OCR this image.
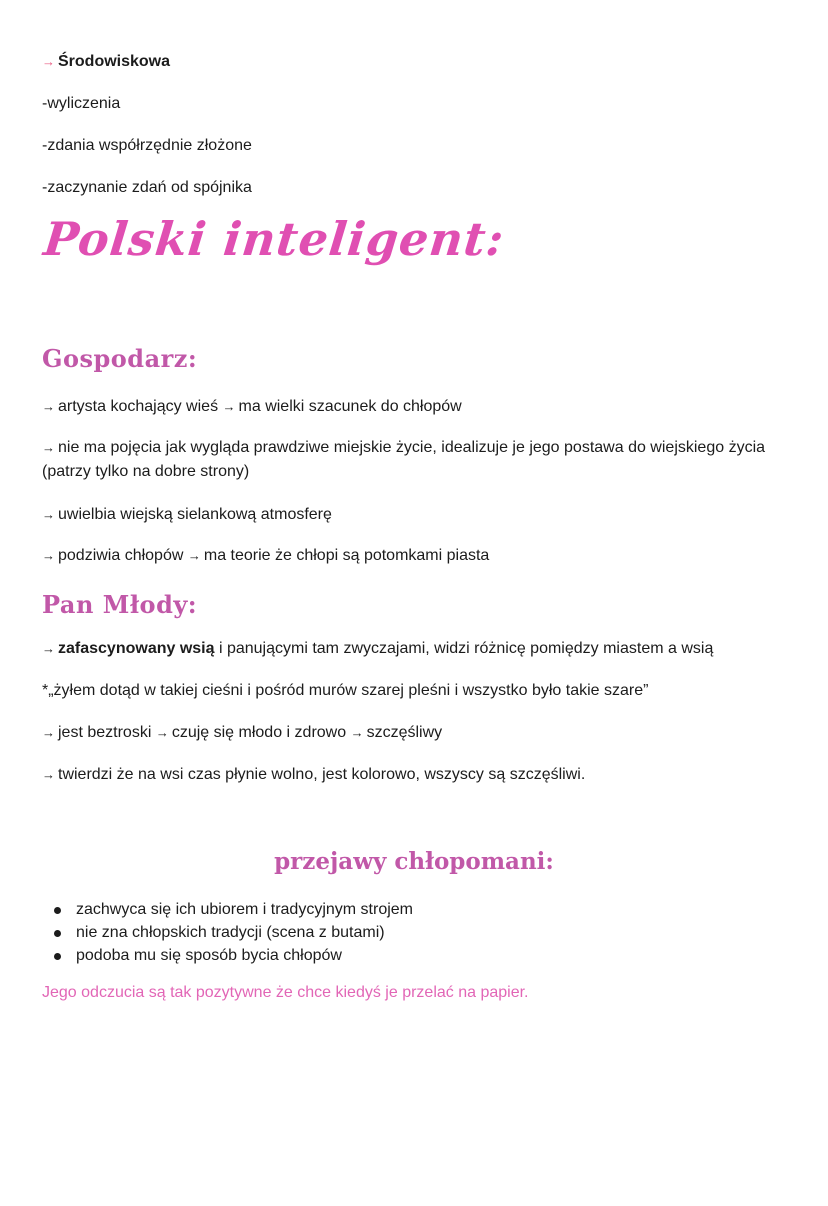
→ Środowiskowa
-wyliczenia
-zdania współrzędnie złożone
-zaczynanie zdań od spójnika
Polski inteligent:
Gospodarz:
→ artysta kochający wieś → ma wielki szacunek do chłopów
→ nie ma pojęcia jak wygląda prawdziwe miejskie życie, idealizuje je jego postawa do wiejskiego życia (patrzy tylko na dobre strony)
→ uwielbia wiejską sielankową atmosferę
→ podziwia chłopów → ma teorie że chłopi są potomkami piasta
Pan Młody:
→ zafascynowany wsią i panującymi tam zwyczajami, widzi różnicę pomiędzy miastem a wsią
*„żyłem dotąd w takiej cieśni i pośród murów szarej pleśni i wszystko było takie szare”
→ jest beztroski → czuję się młodo i zdrowo → szczęśliwy
→ twierdzi że na wsi czas płynie wolno, jest kolorowo, wszyscy są szczęśliwi.
przejawy chłopomani:
zachwyca się ich ubiorem i tradycyjnym strojem
nie zna chłopskich tradycji (scena z butami)
podoba mu się sposób bycia chłopów
Jego odczucia są tak pozytywne że chce kiedyś je przelać na papier.
